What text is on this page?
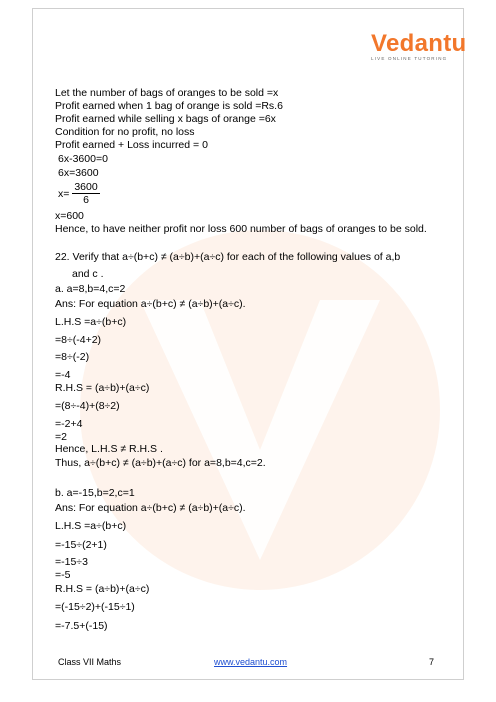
Vedantu
LIVE ONLINE TUTORING
Let the number of bags of oranges to be sold =x
Profit earned when 1 bag of orange is sold =Rs.6
Profit earned while selling x bags of orange =6x
Condition for no profit, no loss
Profit earned + Loss incurred = 0
6x-3600=0
6x=3600
x=
3600
6
x=600
Hence, to have neither profit nor loss 600 number of bags of oranges to be sold.
22. Verify that a÷(b+c) ≠ (a÷b)+(a÷c) for each of the following values of a,b
and c .
a. a=8,b=4,c=2
Ans: For equation a÷(b+c) ≠ (a÷b)+(a÷c).
L.H.S =a÷(b+c)
=8÷(-4+2)
=8÷(-2)
=-4
R.H.S = (a÷b)+(a÷c)
=(8÷-4)+(8÷2)
=-2+4
=2
Hence, L.H.S ≠ R.H.S .
Thus, a÷(b+c) ≠ (a÷b)+(a÷c) for a=8,b=4,c=2.
b. a=-15,b=2,c=1
Ans: For equation a÷(b+c) ≠ (a÷b)+(a÷c).
L.H.S =a÷(b+c)
=-15÷(2+1)
=-15÷3
=-5
R.H.S = (a÷b)+(a÷c)
=(-15÷2)+(-15÷1)
=-7.5+(-15)
Class VII Maths	www.vedantu.com	7
